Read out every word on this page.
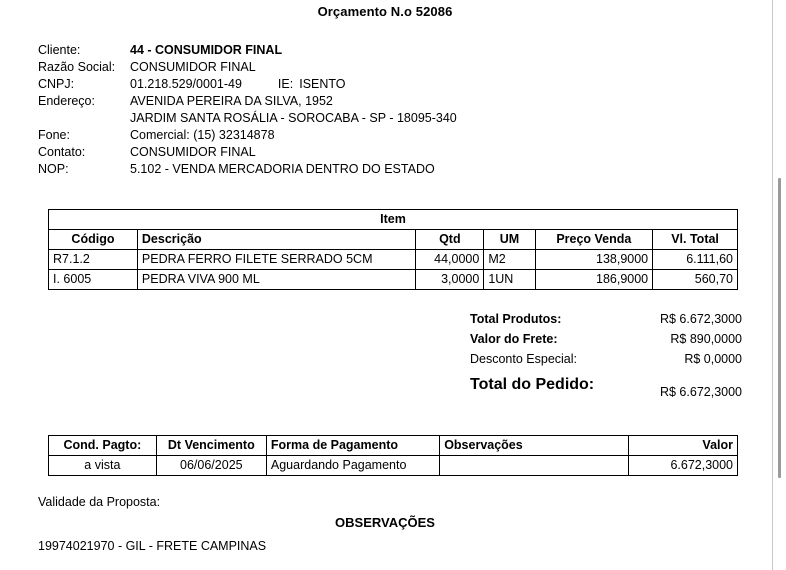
Orçamento N.o 52086
Cliente:	44 - CONSUMIDOR FINAL
Razão Social:	CONSUMIDOR FINAL
CNPJ:	01.218.529/0001-49	IE: ISENTO
Endereço:	AVENIDA PEREIRA DA SILVA, 1952
JARDIM SANTA ROSÁLIA - SOROCABA - SP - 18095-340
Fone:	Comercial: (15) 32314878
Contato:	CONSUMIDOR FINAL
NOP:	5.102 - VENDA MERCADORIA DENTRO DO ESTADO
Item					
Código	Descrição	Qtd	UM	Preço Venda	Vl. Total
R7.1.2	PEDRA FERRO FILETE SERRADO 5CM	44,0000	M2	138,9000	6.111,60
I. 6005	PEDRA VIVA 900 ML	3,0000	1UN	186,9000	560,70
Total Produtos:	R$ 6.672,3000
Valor do Frete:	R$ 890,0000
Desconto Especial:	R$ 0,0000
Total do Pedido:	R$ 6.672,3000
Cond. Pagto:	Dt Vencimento	Forma de Pagamento	Observações	Valor
a vista	06/06/2025	Aguardando Pagamento		6.672,3000
Validade da Proposta:
OBSERVAÇÕES
19974021970 - GIL - FRETE CAMPINAS
